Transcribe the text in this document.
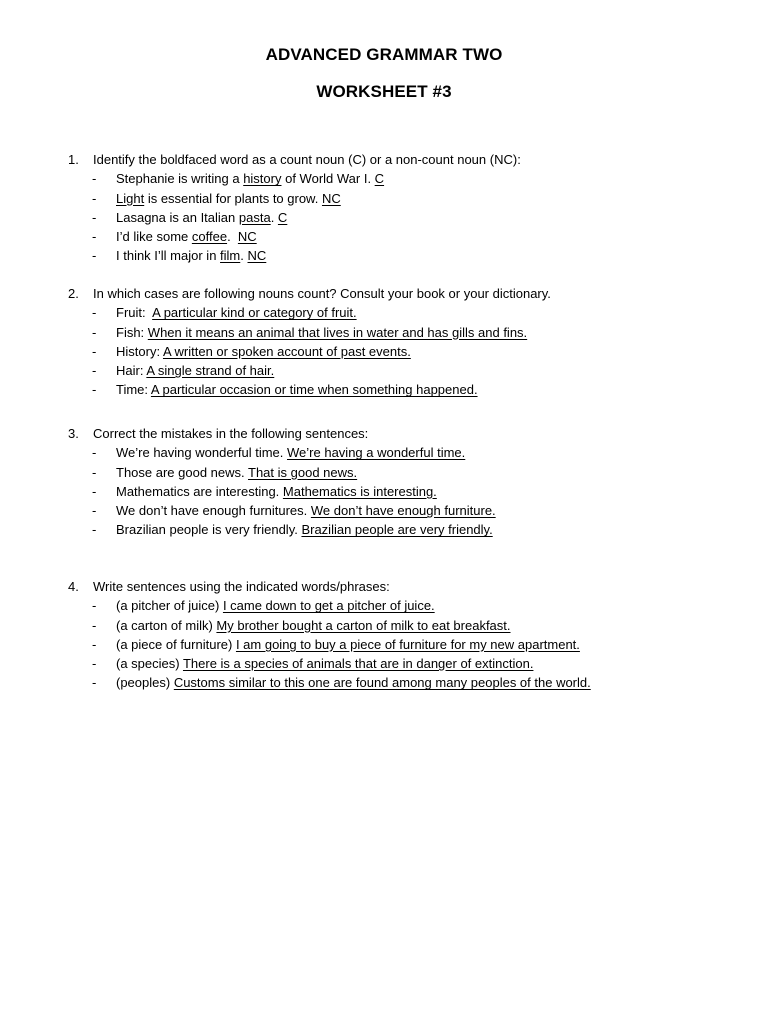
ADVANCED GRAMMAR TWO
WORKSHEET #3
1.	Identify the boldfaced word as a count noun (C) or a non-count noun (NC):
-	Stephanie is writing a history of World War I. C
-	Light is essential for plants to grow. NC
-	Lasagna is an Italian pasta. C
-	I’d like some coffee.  NC
-	I think I’ll major in film. NC
2.	In which cases are following nouns count? Consult your book or your dictionary.
-	Fruit:  A particular kind or category of fruit.
-	Fish: When it means an animal that lives in water and has gills and fins.
-	History: A written or spoken account of past events.
-	Hair: A single strand of hair.
-	Time: A particular occasion or time when something happened.
3.	Correct the mistakes in the following sentences:
-	We’re having wonderful time. We’re having a wonderful time.
-	Those are good news. That is good news.
-	Mathematics are interesting. Mathematics is interesting.
-	We don’t have enough furnitures. We don’t have enough furniture.
-	Brazilian people is very friendly. Brazilian people are very friendly.
4.	Write sentences using the indicated words/phrases:
-	(a pitcher of juice) I came down to get a pitcher of juice.
-	(a carton of milk) My brother bought a carton of milk to eat breakfast.
-	(a piece of furniture) I am going to buy a piece of furniture for my new apartment.
-	(a species) There is a species of animals that are in danger of extinction.
-	(peoples) Customs similar to this one are found among many peoples of the world.
